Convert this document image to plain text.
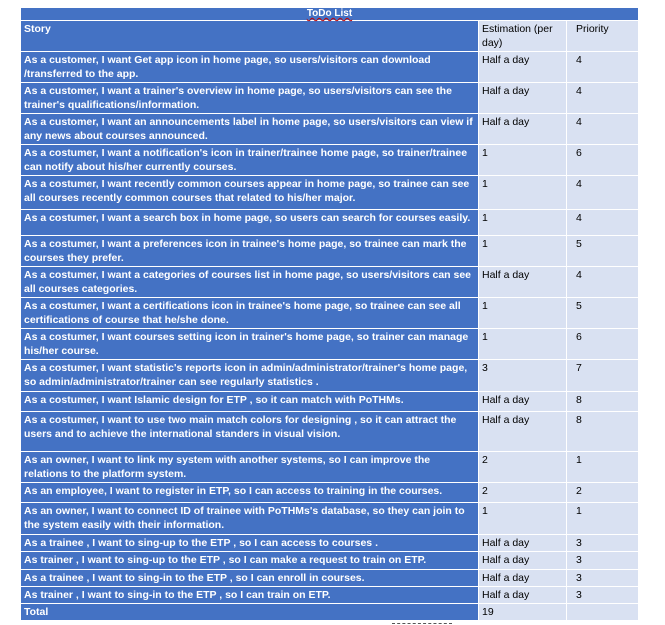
ToDo List		
Story	Estimation (per day)	Priority
As a customer, I want Get app icon in home page, so users/visitors can download /transferred to the app.	Half a day	4
As a customer, I want a trainer's overview in home page, so users/visitors can see the trainer's qualifications/information.	Half a day	4
As a customer, I want an announcements label in home page, so users/visitors can view if any news about courses announced.	Half a day	4
As a costumer, I want a notification's icon in trainer/trainee home page, so trainer/trainee can notify about his/her currently courses.	1	6
As a costumer, I want recently common courses appear in home page, so trainee can see all courses recently common courses that related to his/her major.	1	4
As a costumer, I want a search box in home page, so users can search for courses easily.	1	4
As a costumer, I want a preferences icon in trainee's home page, so trainee can mark the courses they prefer.	1	5
As a costumer, I want a categories of courses list in home page, so users/visitors can see all courses categories.	Half a day	4
As a costumer, I want a certifications icon in trainee's home page, so trainee can see all certifications of course that he/she done.	1	5
As a costumer, I want courses setting icon in trainer's home page, so trainer can manage his/her course.	1	6
As a costumer, I want statistic's reports icon in admin/administrator/trainer's home page, so admin/administrator/trainer can see regularly statistics .	3	7
As a costumer, I want Islamic design for ETP , so it can match with PoTHMs.	Half a day	8
As a costumer, I want to use two main match colors for designing , so it can attract the users and to achieve the international standers in visual vision.	Half a day	8
As an owner, I want to link my system with another systems, so I can improve the relations to the platform system.	2	1
As an employee, I want to register in ETP, so I can access to training in the courses.	2	2
As an owner, I want to connect ID of trainee with PoTHMs's database, so they can join to the system easily with their information.	1	1
As a trainee , I want to sing-up to the ETP , so I can access to courses .	Half a day	3
As trainer , I want to sing-up to the ETP , so I can make a request to train on ETP.	Half a day	3
As a trainee , I want to sing-in to the ETP , so I can enroll in courses.	Half a day	3
As trainer , I want to sing-in to the ETP , so I can train on ETP.	Half a day	3
Total	19	
